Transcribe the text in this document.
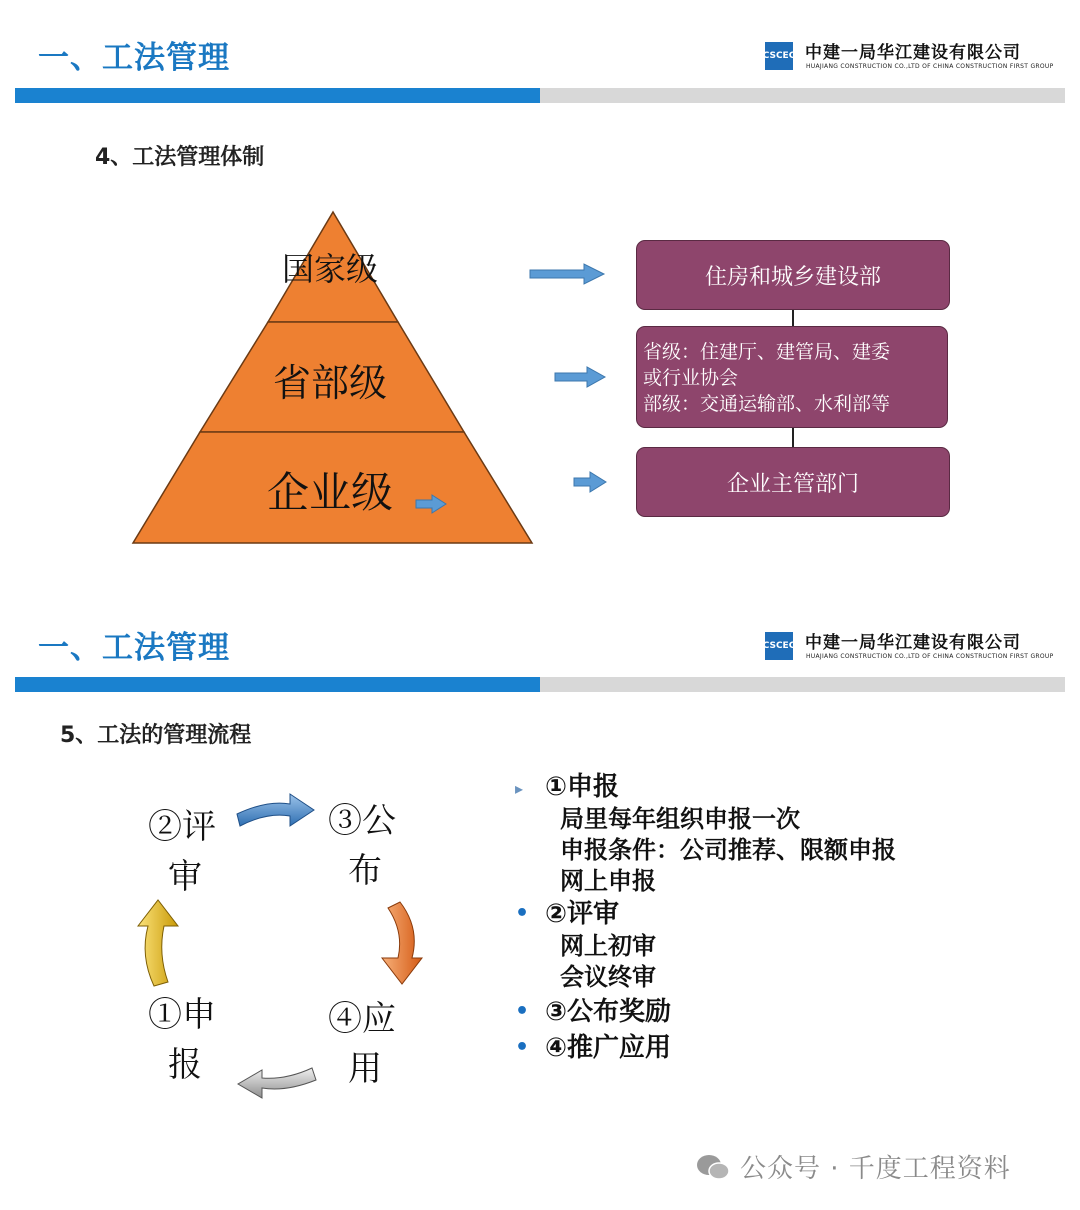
一、工法管理	CSCEC 中建一局华江建设有限公司
HUAJIANG CONSTRUCTION CO.,LTD OF CHINA CONSTRUCTION FIRST GROUP
4、工法管理体制
国家级
省部级
企业级
住房和城乡建设部

省级：住建厅、建管局、建委

或行业协会

部级：交通运输部、水利部等

企业主管部门
一、工法管理	CSCEC 中建一局华江建设有限公司
HUAJIANG CONSTRUCTION CO.,LTD OF CHINA CONSTRUCTION FIRST GROUP
5、工法的管理流程
②评
审
③公
布
④应
用
①申
报
▸ ①申报
局里每年组织申报一次
申报条件：公司推荐、限额申报
网上申报
• ②评审
网上初审
会议终审
• ③公布奖励
• ④推广应用
公众号 · 千度工程资料
